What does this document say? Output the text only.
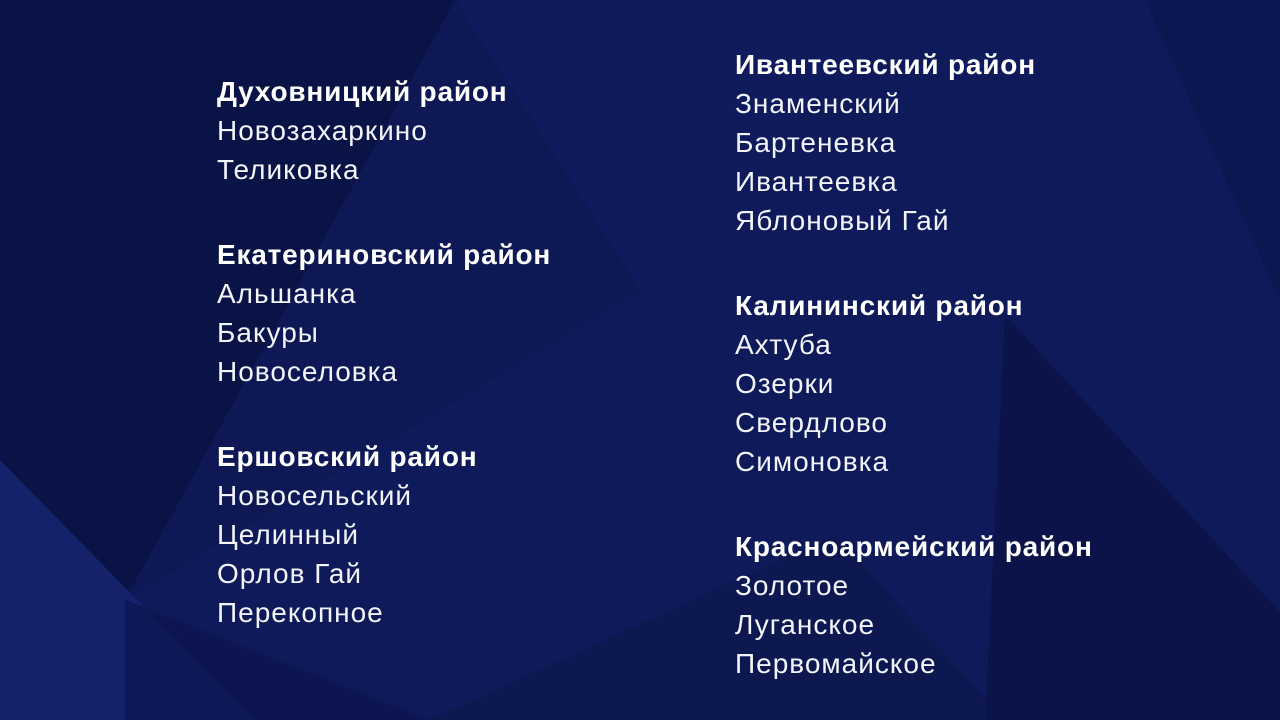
Духовницкий район
Новозахаркино
Теликовка
Екатериновский район
Альшанка
Бакуры
Новоселовка
Ершовский район
Новосельский
Целинный
Орлов Гай
Перекопное
Ивантеевский район
Знаменский
Бартеневка
Ивантеевка
Яблоновый Гай
Калининский район
Ахтуба
Озерки
Свердлово
Симоновка
Красноармейский район
Золотое
Луганское
Первомайское
